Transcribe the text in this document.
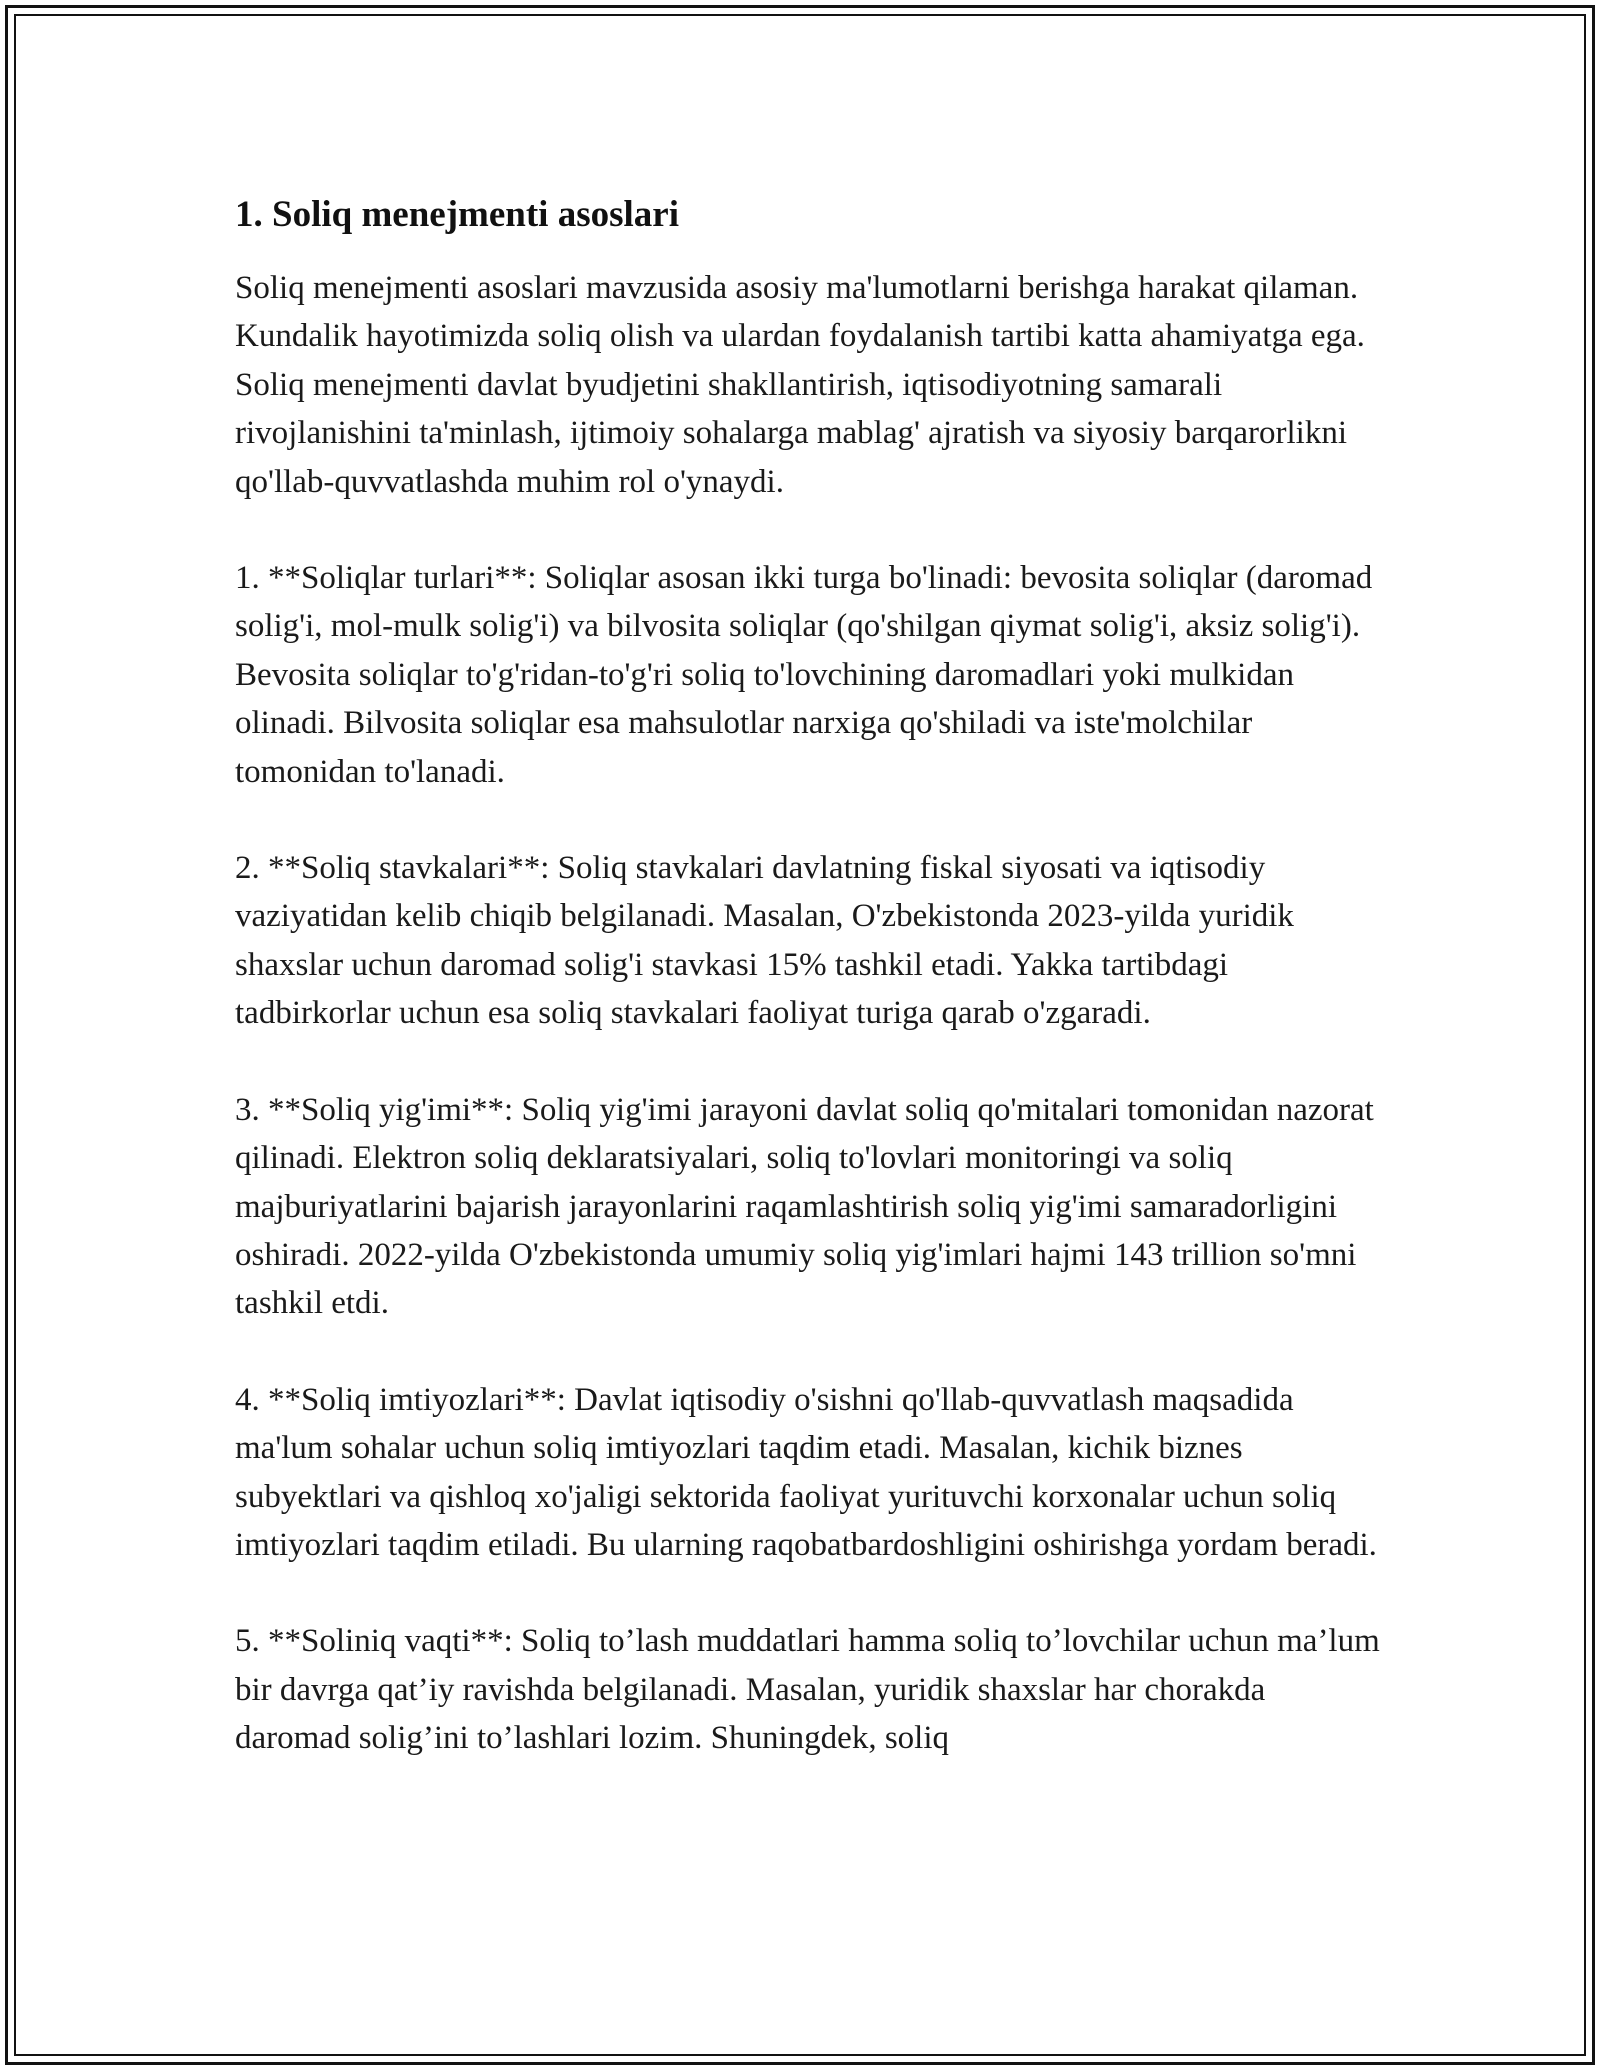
1. Soliq menejmenti asoslari

Soliq menejmenti asoslari mavzusida asosiy ma'lumotlarni berishga harakat qilaman. Kundalik hayotimizda soliq olish va ulardan foydalanish tartibi katta ahamiyatga ega. Soliq menejmenti davlat byudjetini shakllantirish, iqtisodiyotning samarali rivojlanishini ta'minlash, ijtimoiy sohalarga mablag' ajratish va siyosiy barqarorlikni qo'llab-quvvatlashda muhim rol o'ynaydi.

1. **Soliqlar turlari**: Soliqlar asosan ikki turga bo'linadi: bevosita soliqlar (daromad solig'i, mol-mulk solig'i) va bilvosita soliqlar (qo'shilgan qiymat solig'i, aksiz solig'i). Bevosita soliqlar to'g'ridan-to'g'ri soliq to'lovchining daromadlari yoki mulkidan olinadi. Bilvosita soliqlar esa mahsulotlar narxiga qo'shiladi va iste'molchilar tomonidan to'lanadi.

2. **Soliq stavkalari**: Soliq stavkalari davlatning fiskal siyosati va iqtisodiy vaziyatidan kelib chiqib belgilanadi. Masalan, O'zbekistonda 2023-yilda yuridik shaxslar uchun daromad solig'i stavkasi 15% tashkil etadi. Yakka tartibdagi tadbirkorlar uchun esa soliq stavkalari faoliyat turiga qarab o'zgaradi.

3. **Soliq yig'imi**: Soliq yig'imi jarayoni davlat soliq qo'mitalari tomonidan nazorat qilinadi. Elektron soliq deklaratsiyalari, soliq to'lovlari monitoringi va soliq majburiyatlarini bajarish jarayonlarini raqamlashtirish soliq yig'imi samaradorligini oshiradi. 2022-yilda O'zbekistonda umumiy soliq yig'imlari hajmi 143 trillion so'mni tashkil etdi.

4. **Soliq imtiyozlari**: Davlat iqtisodiy o'sishni qo'llab-quvvatlash maqsadida ma'lum sohalar uchun soliq imtiyozlari taqdim etadi. Masalan, kichik biznes subyektlari va qishloq xo'jaligi sektorida faoliyat yurituvchi korxonalar uchun soliq imtiyozlari taqdim etiladi. Bu ularning raqobatbardoshligini oshirishga yordam beradi.

5. **Soliniq vaqti**: Soliq to’lash muddatlari hamma soliq to’lovchilar uchun ma’lum bir davrga qat’iy ravishda belgilanadi. Masalan, yuridik shaxslar har chorakda daromad solig’ini to’lashlari lozim. Shuningdek, soliq
